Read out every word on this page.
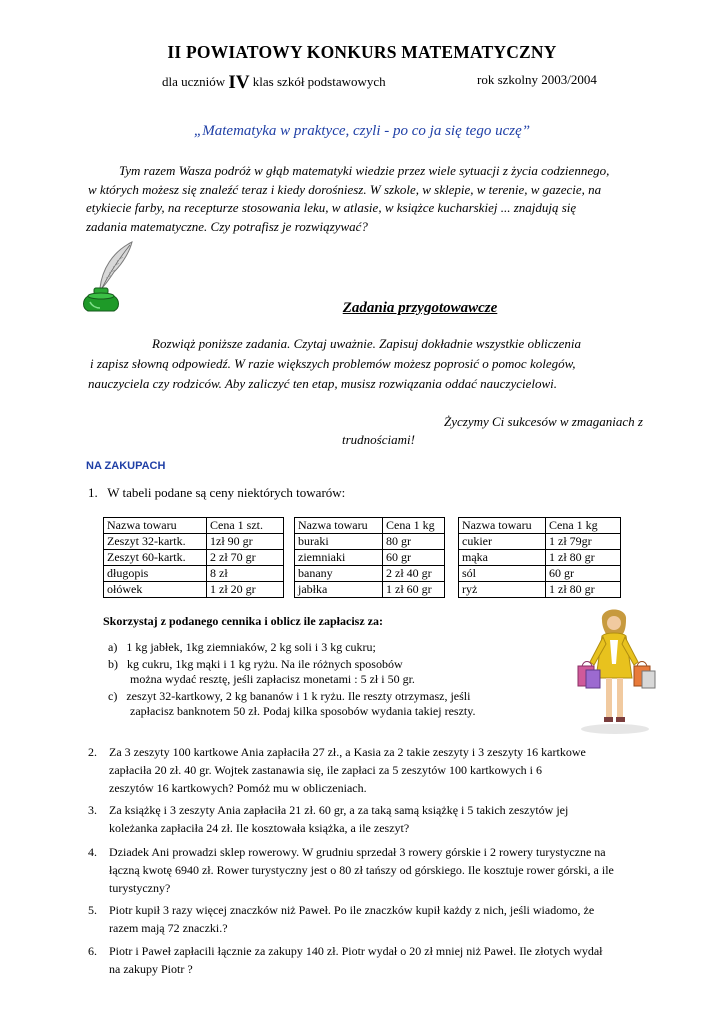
II POWIATOWY KONKURS MATEMATYCZNY
dla uczniów IV klas szkół podstawowych	rok szkolny 2003/2004
„Matematyka w praktyce, czyli - po co ja się tego uczę”
Tym razem Wasza podróż w głąb matematyki wiedzie przez wiele sytuacji z życia codziennego,
w których możesz się znaleźć teraz i kiedy dorośniesz. W szkole, w sklepie, w terenie, w gazecie, na
etykiecie farby, na recepturze stosowania leku, w atlasie, w książce kucharskiej ... znajdują się
zadania matematyczne. Czy potrafisz je rozwiązywać?
Zadania przygotowawcze
Rozwiąż poniższe zadania. Czytaj uważnie. Zapisuj dokładnie wszystkie obliczenia
i zapisz słowną odpowiedź. W razie większych problemów możesz poprosić o pomoc kolegów,
nauczyciela czy rodziców. Aby zaliczyć ten etap, musisz rozwiązania oddać nauczycielowi.
Życzymy Ci sukcesów w zmaganiach z
trudnościami!
NA ZAKUPACH
1. W tabeli podane są ceny niektórych towarów:
Nazwa towaru	Cena 1 szt.
Zeszyt 32-kartk.	1zł 90 gr
Zeszyt 60-kartk.	2 zł 70 gr
długopis	8 zł
ołówek	1 zł 20 gr
Nazwa towaru	Cena 1 kg
buraki	80 gr
ziemniaki	60 gr
banany	2 zł 40 gr
jabłka	1 zł 60 gr
Nazwa towaru	Cena 1 kg
cukier	1 zł 79gr
mąka	1 zł 80 gr
sól	60 gr
ryż	1 zł 80 gr
Skorzystaj z podanego cennika i oblicz ile zapłacisz za:
a) 1 kg jabłek, 1kg ziemniaków, 2 kg soli i 3 kg cukru;
b) kg cukru, 1kg mąki i 1 kg ryżu. Na ile różnych sposobów
można wydać resztę, jeśli zapłacisz monetami : 5 zł i 50 gr.
c) zeszyt 32-kartkowy, 2 kg bananów i 1 k ryżu. Ile reszty otrzymasz, jeśli
zapłacisz banknotem 50 zł. Podaj kilka sposobów wydania takiej reszty.
2.	Za 3 zeszyty 100 kartkowe Ania zapłaciła 27 zł., a Kasia za 2 takie zeszyty i 3 zeszyty 16 kartkowe
zapłaciła 20 zł. 40 gr. Wojtek zastanawia się, ile zapłaci za 5 zeszytów 100 kartkowych i 6
zeszytów 16 kartkowych? Pomóż mu w obliczeniach.
3.	Za książkę i 3 zeszyty Ania zapłaciła 21 zł. 60 gr, a za taką samą książkę i 5 takich zeszytów jej
koleżanka zapłaciła 24 zł. Ile kosztowała książka, a ile zeszyt?
4.	Dziadek Ani prowadzi sklep rowerowy. W grudniu sprzedał 3 rowery górskie i 2 rowery turystyczne na
łączną kwotę 6940 zł. Rower turystyczny jest o 80 zł tańszy od górskiego. Ile kosztuje rower górski, a ile
turystyczny?
5.	Piotr kupił 3 razy więcej znaczków niż Paweł. Po ile znaczków kupił każdy z nich, jeśli wiadomo, że
razem mają 72 znaczki.?
6.	Piotr i Paweł zapłacili łącznie za zakupy 140 zł. Piotr wydał o 20 zł mniej niż Paweł. Ile złotych wydał
na zakupy Piotr ?
